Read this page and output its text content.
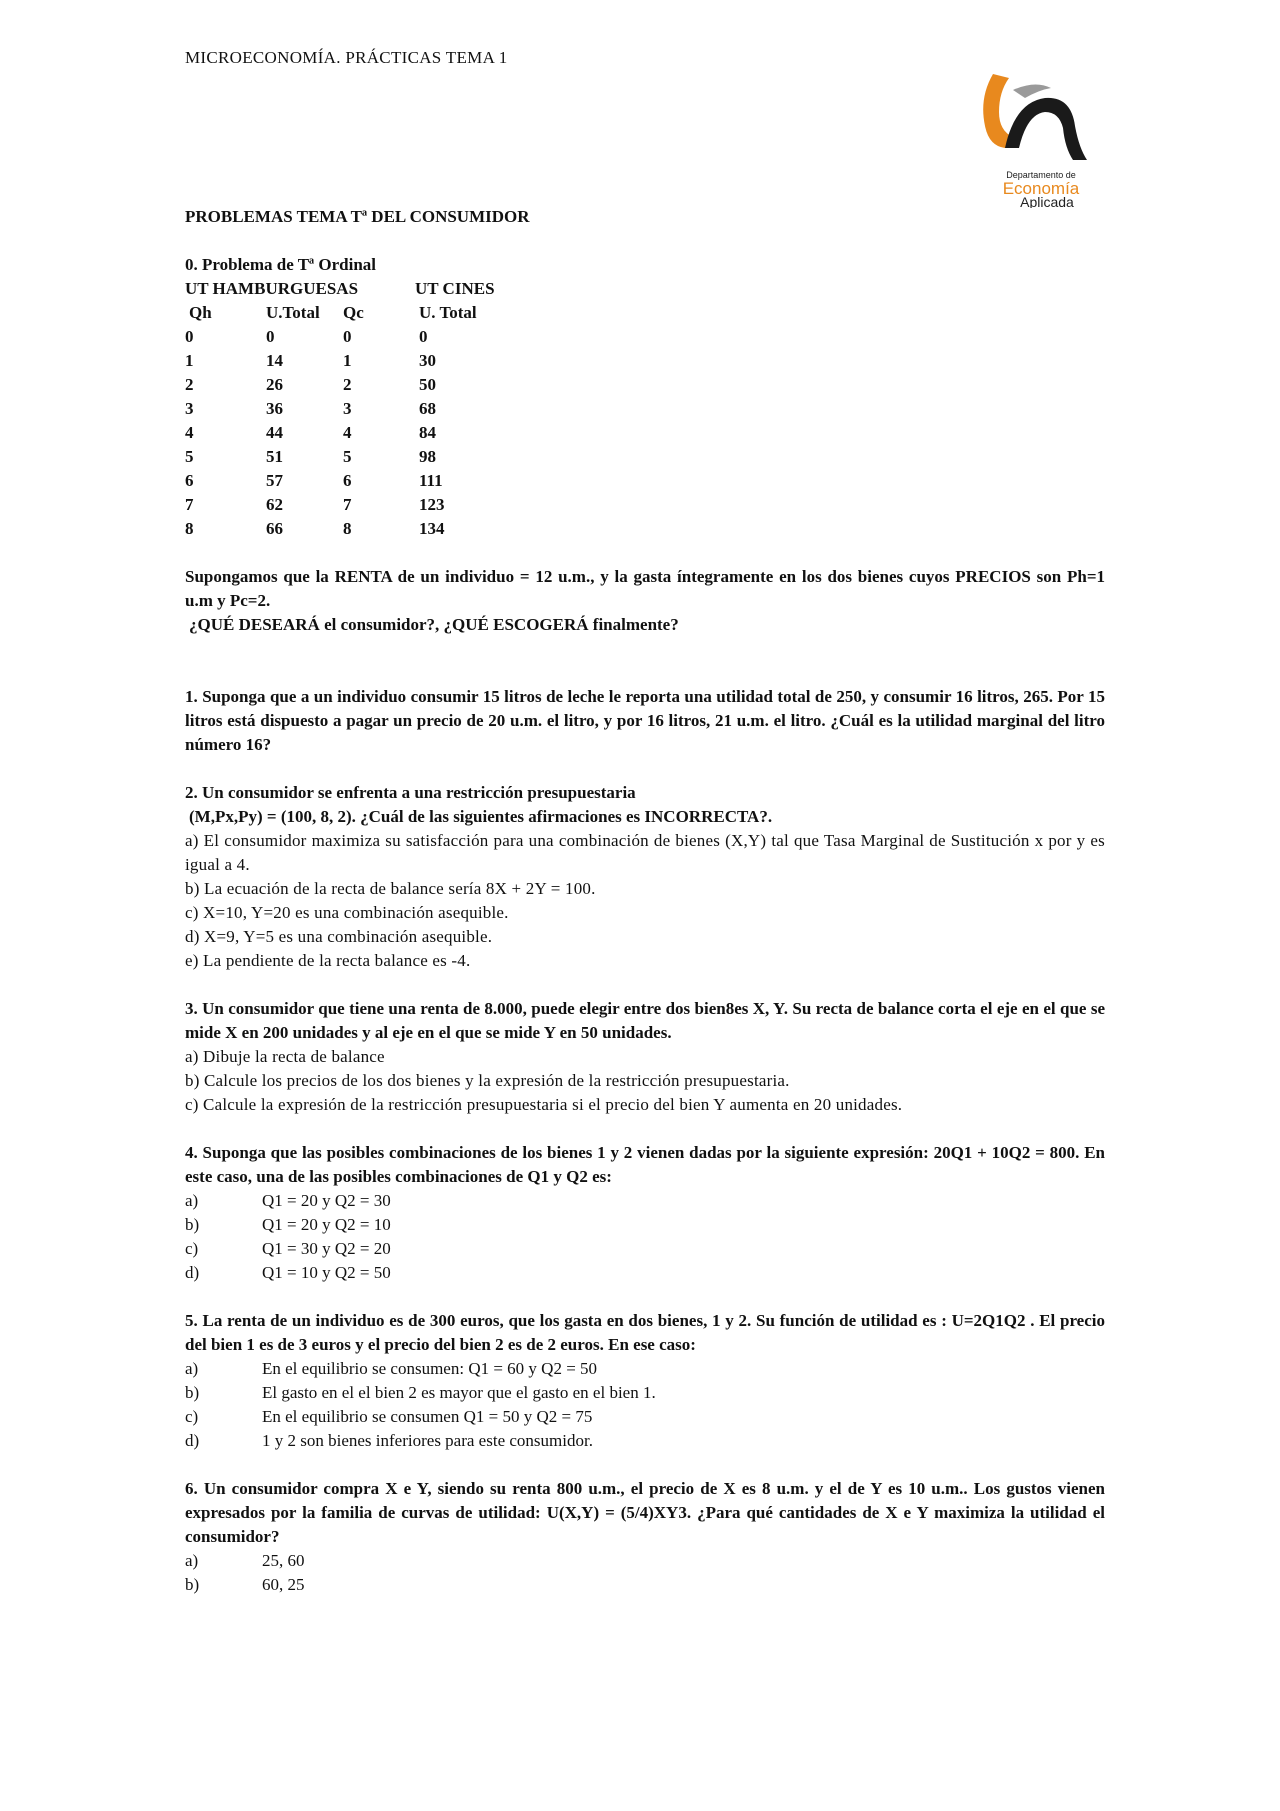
MICROECONOMÍA. PRÁCTICAS TEMA 1
Departamento de
Economía
Aplicada

PROBLEMAS TEMA Tª DEL CONSUMIDOR

0. Problema de Tª Ordinal

UT HAMBURGUESAS	UT CINES
Qh	U.Total	Qc	U. Total
0	0	0	0
1	14	1	30
2	26	2	50
3	36	3	68
4	44	4	84
5	51	5	98
6	57	6	111
7	62	7	123
8	66	8	134

Supongamos que la RENTA de un individuo = 12 u.m., y la gasta íntegramente en los dos bienes cuyos PRECIOS son Ph=1 u.m y Pc=2.

¿QUÉ DESEARÁ el consumidor?, ¿QUÉ ESCOGERÁ finalmente?

1. Suponga que a un individuo consumir 15 litros de leche le reporta una utilidad total de 250, y consumir 16 litros, 265. Por 15 litros está dispuesto a pagar un precio de 20 u.m. el litro, y por 16 litros, 21 u.m. el litro. ¿Cuál es la utilidad marginal del litro número 16?

2. Un consumidor se enfrenta a una restricción presupuestaria

(M,Px,Py) = (100, 8, 2). ¿Cuál de las siguientes afirmaciones es INCORRECTA?.

a) El consumidor maximiza su satisfacción para una combinación de bienes (X,Y) tal que Tasa Marginal de Sustitución x por y es igual a 4.

b) La ecuación de la recta de balance sería 8X + 2Y = 100.

c) X=10, Y=20 es una combinación asequible.

d) X=9, Y=5 es una combinación asequible.

e) La pendiente de la recta balance es -4.

3. Un consumidor que tiene una renta de 8.000, puede elegir entre dos bien8es X, Y. Su recta de balance corta el eje en el que se mide X en 200 unidades y al eje en el que se mide Y en 50 unidades.

a) Dibuje la recta de balance

b) Calcule los precios de los dos bienes y la expresión de la restricción presupuestaria.

c) Calcule la expresión de la restricción presupuestaria si el precio del bien Y aumenta en 20 unidades.

4. Suponga que las posibles combinaciones de los bienes 1 y 2 vienen dadas por la siguiente expresión: 20Q1 + 10Q2 = 800. En este caso, una de las posibles combinaciones de Q1 y Q2 es:

a)	Q1 = 20 y Q2 = 30
b)	Q1 = 20 y Q2 = 10
c)	Q1 = 30 y Q2 = 20
d)	Q1 = 10 y Q2 = 50

5. La renta de un individuo es de 300 euros, que los gasta en dos bienes, 1 y 2. Su función de utilidad es : U=2Q1Q2 . El precio del bien 1 es de 3 euros y el precio del bien 2 es de 2 euros. En ese caso:

a)	En el equilibrio se consumen: Q1 = 60 y Q2 = 50
b)	El gasto en el el bien 2 es mayor que el gasto en el bien 1.
c)	En el equilibrio se consumen Q1 = 50 y Q2 = 75
d)	1 y 2 son bienes inferiores para este consumidor.

6. Un consumidor compra X e Y, siendo su renta 800 u.m., el precio de X es 8 u.m. y el de Y es 10 u.m.. Los gustos vienen expresados por la familia de curvas de utilidad: U(X,Y) = (5/4)XY3. ¿Para qué cantidades de X e Y maximiza la utilidad el consumidor?

a)	25, 60
b)	60, 25
